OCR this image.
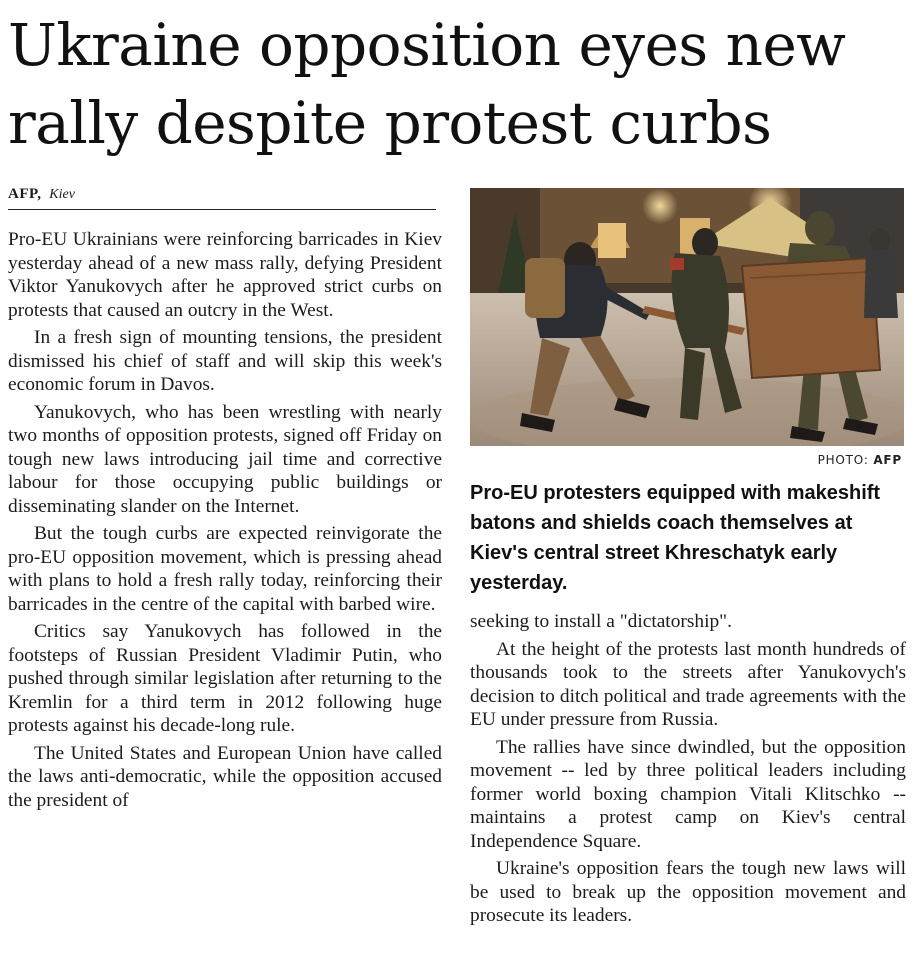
Ukraine opposition eyes new
rally despite protest curbs
AFP, Kiev

Pro-EU Ukrainians were reinforcing barricades in Kiev yesterday ahead of a new mass rally, defying President Viktor Yanukovych after he approved strict curbs on protests that caused an outcry in the West.

In a fresh sign of mounting tensions, the president dismissed his chief of staff and will skip this week's economic forum in Davos.

Yanukovych, who has been wrestling with nearly two months of opposition protests, signed off Friday on tough new laws introducing jail time and corrective labour for those occupying public buildings or disseminating slander on the Internet.

But the tough curbs are expected reinvigorate the pro-EU opposition movement, which is pressing ahead with plans to hold a fresh rally today, reinforcing their barricades in the centre of the capital with barbed wire.

Critics say Yanukovych has followed in the footsteps of Russian President Vladimir Putin, who pushed through similar legislation after returning to the Kremlin for a third term in 2012 following huge protests against his decade-long rule.

The United States and European Union have called the laws anti-democratic, while the opposition accused the president of

PHOTO: AFP
Pro-EU protesters equipped with makeshift batons and shields coach themselves at Kiev's central street Khreschatyk early yesterday.

seeking to install a "dictatorship".

At the height of the protests last month hundreds of thousands took to the streets after Yanukovych's decision to ditch political and trade agreements with the EU under pressure from Russia.

The rallies have since dwindled, but the opposition movement -- led by three political leaders including former world boxing champion Vitali Klitschko -- maintains a protest camp on Kiev's central Independence Square.

Ukraine's opposition fears the tough new laws will be used to break up the opposition movement and prosecute its leaders.
